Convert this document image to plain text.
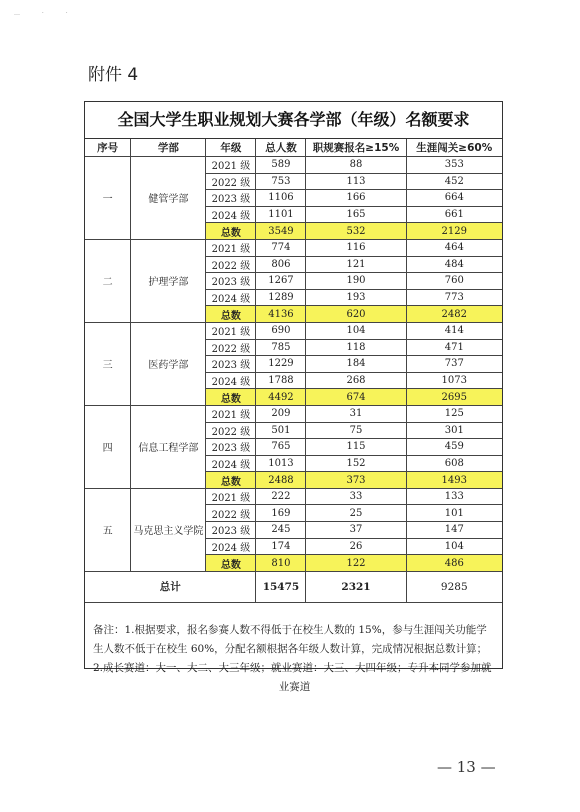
… · ·
附件 4
全国大学生职业规划大赛各学部（年级）名额要求
序号	学部	年级	总人数	职规赛报名≥15%	生涯闯关≥60%
一	健管学部	2021 级	589	88	353
		2022 级	753	113	452
		2023 级	1106	166	664
		2024 级	1101	165	661
		总数	3549	532	2129
二	护理学部	2021 级	774	116	464
		2022 级	806	121	484
		2023 级	1267	190	760
		2024 级	1289	193	773
		总数	4136	620	2482
三	医药学部	2021 级	690	104	414
		2022 级	785	118	471
		2023 级	1229	184	737
		2024 级	1788	268	1073
		总数	4492	674	2695
四	信息工程学部	2021 级	209	31	125
		2022 级	501	75	301
		2023 级	765	115	459
		2024 级	1013	152	608
		总数	2488	373	1493
五	马克思主义学院	2021 级	222	33	133
		2022 级	169	25	101
		2023 级	245	37	147
		2024 级	174	26	104
		总数	810	122	486
总计			15475	2321	9285
备注：1.根据要求，报名参赛人数不得低于在校生人数的 15%，参与生涯闯关功能学生人数不低于在校生 60%，分配名额根据各年级人数计算，完成情况根据总数计算；2.成长赛道：大一、大二、大三年级；就业赛道：大三、大四年级；专升本同学参加就
业赛道
— 13 —
